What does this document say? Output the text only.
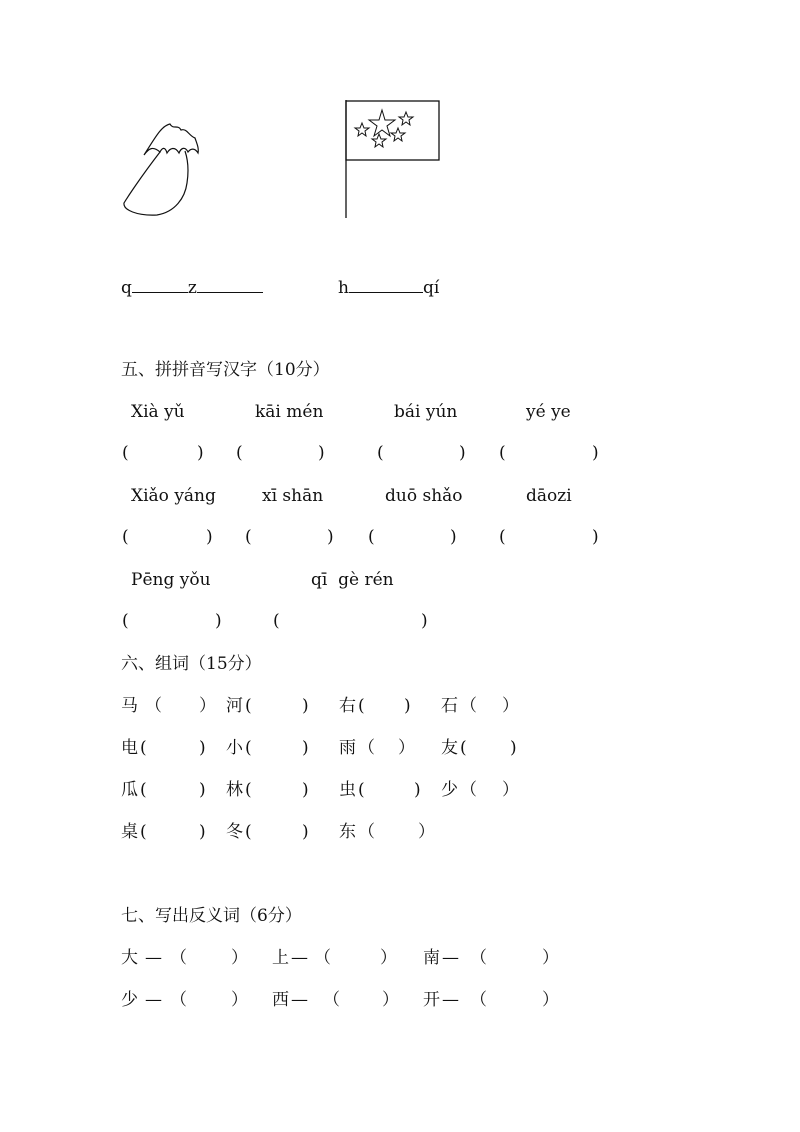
q	z	h	qí
五、拼拼音写汉字（10分）
Xià yǔ	kāi mén	bái yún	yé ye
(	) (	)	(	) (	)
Xiǎo yáng	xī shān	duō shǎo	dāozi
(	) (	) (	) (	)
Pēng yǒu	qī  gè rén
(	)	(	)
六、组词（15分）
马 （ ） 河 (	) 右 ( ) 石 （ ）
电 (	) 小 (	) 雨 （ ） 友 (	)
瓜 (	) 林 (	) 虫 (	) 少 （ ）
桌 (	) 冬 (	) 东 （	）
七、写出反义词（6分）
大 — （	） 上 — （	） 南 — （	）
少 — （	） 西 — （ ） 开 — （	）
